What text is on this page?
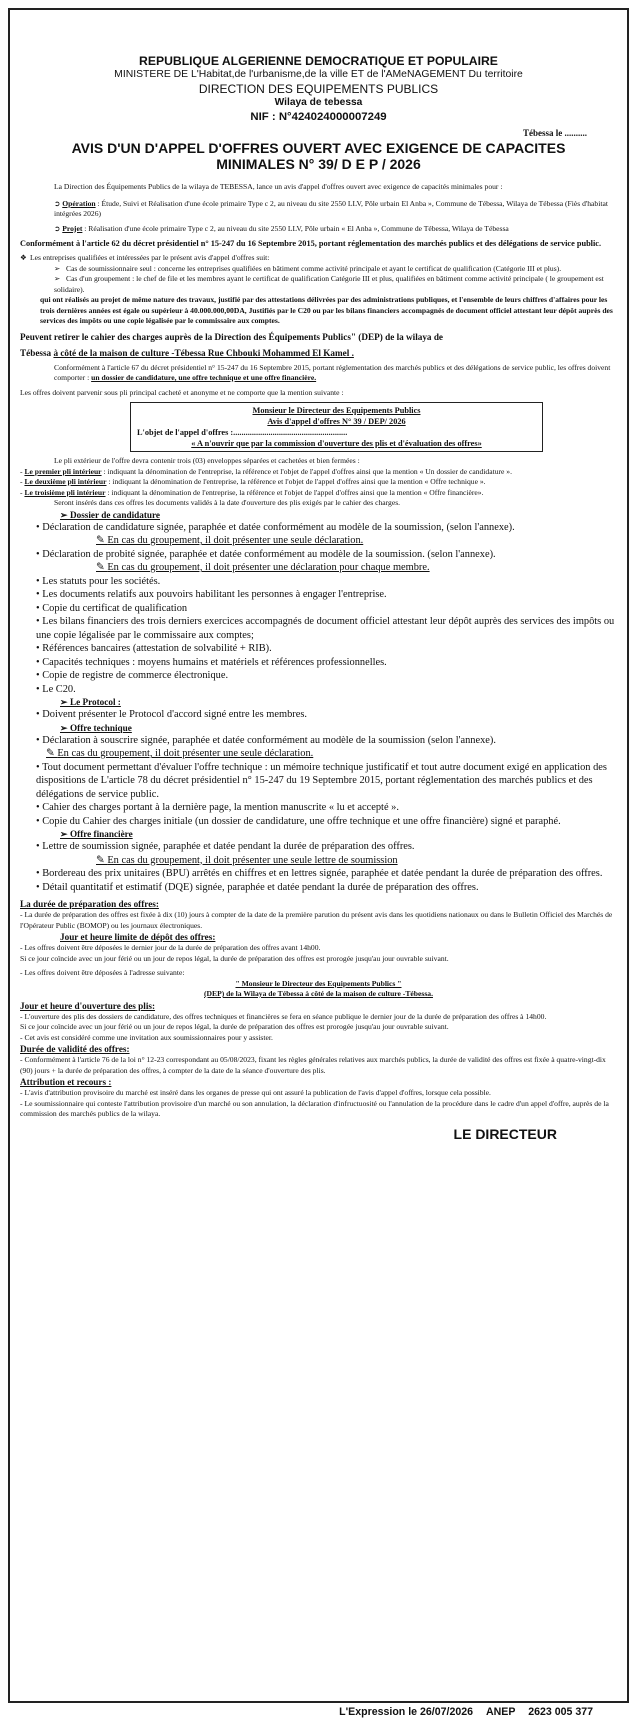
REPUBLIQUE ALGERIENNE DEMOCRATIQUE ET POPULAIRE
MINISTERE DE L'Habitat,de l'urbanisme,de la ville ET de l'AMeNAGEMENT Du territoire
DIRECTION DES EQUIPEMENTS PUBLICS
Wilaya de tebessa
NIF : N°424024000007249
Tébessa le ..........
AVIS D'UN D'APPEL D'OFFRES OUVERT AVEC EXIGENCE DE CAPACITES
MINIMALES N° 39/ D E P / 2026

La Direction des Équipements Publics de la wilaya de TEBESSA, lance un avis d'appel d'offres ouvert avec exigence de capacités minimales pour :

➲ Opération : Étude, Suivi et Réalisation d'une école primaire Type c 2, au niveau du site 2550 LLV, Pôle urbain El Anba », Commune de Tébessa, Wilaya de Tébessa (Fiès d'habitat intégrées 2026)

➲ Projet : Réalisation d'une école primaire Type c 2, au niveau du site 2550 LLV, Pôle urbain « El Anba », Commune de Tébessa, Wilaya de Tébessa

Conformément à l'article 62 du décret présidentiel n° 15-247 du 16 Septembre 2015, portant réglementation des marchés publics et des délégations de service public.

❖ Les entreprises qualifiées et intéressées par le présent avis d'appel d'offres suit:

➢ Cas de soumissionnaire seul : concerne les entreprises qualifiées en bâtiment comme activité principale et ayant le certificat de qualification (Catégorie III et plus).

➢ Cas d'un groupement : le chef de file et les membres ayant le certificat de qualification Catégorie III et plus, qualifiées en bâtiment comme activité principale ( le groupement est solidaire).

qui ont réalisés au projet de même nature des travaux, justifié par des attestations délivrées par des administrations publiques, et l'ensemble de leurs chiffres d'affaires pour les trois dernières années est égale ou supérieur à 40.000.000,00DA, Justifiés par le C20 ou par les bilans financiers accompagnés de document officiel attestant leur dépôt auprès des services des impôts ou une copie légalisée par le commissaire aux comptes.

Peuvent retirer le cahier des charges auprès de la Direction des Équipements Publics" (DEP) de la wilaya de

Tébessa à côté de la maison de culture -Tébessa Rue Chbouki Mohammed El Kamel .

Conformément à l'article 67 du décret présidentiel n° 15-247 du 16 Septembre 2015, portant réglementation des marchés publics et des délégations de service public, les offres doivent comporter : un dossier de candidature, une offre technique et une offre financière.

Les offres doivent parvenir sous pli principal cacheté et anonyme et ne comporte que la mention suivante :

Monsieur le Directeur des Equipements Publics
Avis d'appel d'offres N° 39 / DEP/ 2026
L'objet de l'appel d'offres :.......................................................
« A n'ouvrir que par la commission d'ouverture des plis et d'évaluation des offres»

Le pli extérieur de l'offre devra contenir trois (03) enveloppes séparées et cachetées et bien fermées :

- Le premier pli intérieur : indiquant la dénomination de l'entreprise, la référence et l'objet de l'appel d'offres ainsi que la mention « Un dossier de candidature ».

- Le deuxième pli intérieur : indiquant la dénomination de l'entreprise, la référence et l'objet de l'appel d'offres ainsi que la mention « Offre technique ».

- Le troisième pli intérieur : indiquant la dénomination de l'entreprise, la référence et l'objet de l'appel d'offres ainsi que la mention « Offre financière».

Seront insérés dans ces offres les documents validés à la date d'ouverture des plis exigés par le cahier des charges.

➢ Dossier de candidature

• Déclaration de candidature signée, paraphée et datée conformément au modèle de la soumission, (selon l'annexe).

✎ En cas du groupement, il doit présenter une seule déclaration.

• Déclaration de probité signée, paraphée et datée conformément au modèle de la soumission. (selon l'annexe).

✎ En cas du groupement, il doit présenter une déclaration pour chaque membre.

• Les statuts pour les sociétés.

• Les documents relatifs aux pouvoirs habilitant les personnes à engager l'entreprise.

• Copie du certificat de qualification

• Les bilans financiers des trois derniers exercices accompagnés de document officiel attestant leur dépôt auprès des services des impôts ou une copie légalisée par le commissaire aux comptes;

• Références bancaires (attestation de solvabilité + RIB).

• Capacités techniques : moyens humains et matériels et références professionnelles.

• Copie de registre de commerce électronique.

• Le C20.

➢ Le Protocol :

• Doivent présenter le Protocol d'accord signé entre les membres.

➢ Offre technique

• Déclaration à souscrire signée, paraphée et datée conformément au modèle de la soumission (selon l'annexe).

✎ En cas du groupement, il doit présenter une seule déclaration.

• Tout document permettant d'évaluer l'offre technique : un mémoire technique justificatif et tout autre document exigé en application des dispositions de L'article 78 du décret présidentiel n° 15-247 du 19 Septembre 2015, portant réglementation des marchés publics et des délégations de service public.

• Cahier des charges portant à la dernière page, la mention manuscrite « lu et accepté ».

• Copie du Cahier des charges initiale (un dossier de candidature, une offre technique et une offre financière) signé et paraphé.

➢ Offre financière

• Lettre de soumission signée, paraphée et datée pendant la durée de préparation des offres.

✎ En cas du groupement, il doit présenter une seule lettre de soumission

• Bordereau des prix unitaires (BPU) arrêtés en chiffres et en lettres signée, paraphée et datée pendant la durée de préparation des offres.

• Détail quantitatif et estimatif (DQE) signée, paraphée et datée pendant la durée de préparation des offres.

La durée de préparation des offres:

- La durée de préparation des offres est fixée à dix (10) jours à compter de la date de la première parution du présent avis dans les quotidiens nationaux ou dans le Bulletin Officiel des Marchés de l'Opérateur Public (BOMOP) ou les journaux électroniques.

Jour et heure limite de dépôt des offres:

- Les offres doivent être déposées le dernier jour de la durée de préparation des offres avant 14h00.

Si ce jour coïncide avec un jour férié ou un jour de repos légal, la durée de préparation des offres est prorogée jusqu'au jour ouvrable suivant.

- Les offres doivent être déposées à l'adresse suivante:

" Monsieur le Directeur des Equipements Publics "

(DEP) de la Wilaya de Tébessa à côté de la maison de culture -Tébessa.

Jour et heure d'ouverture des plis:

- L'ouverture des plis des dossiers de candidature, des offres techniques et financières se fera en séance publique le dernier jour de la durée de préparation des offres à 14h00.

Si ce jour coïncide avec un jour férié ou un jour de repos légal, la durée de préparation des offres est prorogée jusqu'au jour ouvrable suivant.

- Cet avis est considéré comme une invitation aux soumissionnaires pour y assister.

Durée de validité des offres:

- Conformément à l'article 76 de la loi n° 12-23 correspondant au 05/08/2023, fixant les règles générales relatives aux marchés publics, la durée de validité des offres est fixée à quatre-vingt-dix (90) jours + la durée de préparation des offres, à compter de la date de la séance d'ouverture des plis.

Attribution et recours :

- L'avis d'attribution provisoire du marché est inséré dans les organes de presse qui ont assuré la publication de l'avis d'appel d'offres, lorsque cela possible.

- Le soumissionnaire qui conteste l'attribution provisoire d'un marché ou son annulation, la déclaration d'infructuosité ou l'annulation de la procédure dans le cadre d'un appel d'offre, auprès de la commission des marchés publics de la wilaya.

LE DIRECTEUR
L'Expression le 26/07/2026 ANEP 2623 005 377
